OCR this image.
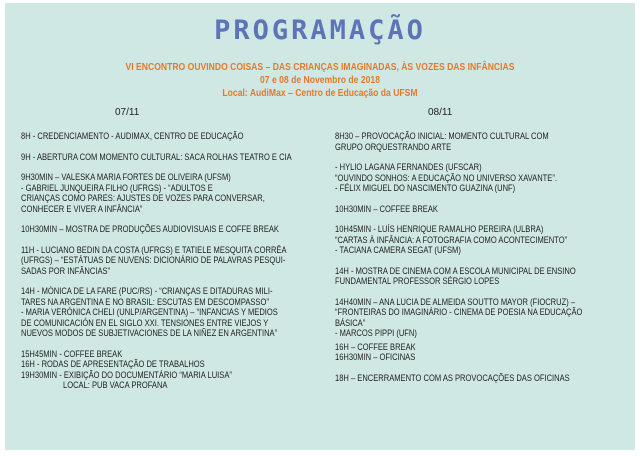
PROGRAMAÇÃO
VI ENCONTRO OUVINDO COISAS – DAS CRIANÇAS IMAGINADAS, ÀS VOZES DAS INFÂNCIAS
07 e 08 de Novembro de 2018
Local: AudiMax – Centro de Educação da UFSM
07/11	08/11
8H - CREDENCIAMENTO - AUDIMAX, CENTRO DE EDUCAÇÃO
9H - ABERTURA COM MOMENTO CULTURAL: SACA ROLHAS TEATRO E CIA
9H30MIN – VALESKA MARIA FORTES DE OLIVEIRA (UFSM)
- GABRIEL JUNQUEIRA FILHO (UFRGS) - “ADULTOS E
CRIANÇAS COMO PARES: AJUSTES DE VOZES PARA CONVERSAR,
CONHECER E VIVER A INFÂNCIA”
10H30MIN – MOSTRA DE PRODUÇÕES AUDIOVISUAIS E COFFE BREAK
11H - LUCIANO BEDIN DA COSTA (UFRGS) E TATIELE MESQUITA CORRÊA
(UFRGS) – “ESTÁTUAS DE NUVENS: DICIONÁRIO DE PALAVRAS PESQUI-
SADAS POR INFÂNCIAS”
14H - MÓNICA DE LA FARE (PUC/RS) - “CRIANÇAS E DITADURAS MILI-
TARES NA ARGENTINA E NO BRASIL: ESCUTAS EM DESCOMPASSO”
- MARIA VERÓNICA CHELI (UNLP/ARGENTINA) – “INFANCIAS Y MEDIOS
DE COMUNICACIÓN EN EL SIGLO XXI. TENSIONES ENTRE VIEJOS Y
NUEVOS MODOS DE SUBJETIVACIONES DE LA NIÑEZ EN ARGENTINA”
15H45MIN - COFFEE BREAK
16H - RODAS DE APRESENTAÇÃO DE TRABALHOS
19H30MIN - EXIBIÇÃO DO DOCUMENTÁRIO “MARIA LUISA”
LOCAL: PUB VACA PROFANA
8H30 – PROVOCAÇÃO INICIAL: MOMENTO CULTURAL COM
GRUPO ORQUESTRANDO ARTE
- HYLIO LAGANA FERNANDES (UFSCAR)
“OUVINDO SONHOS: A EDUCAÇÃO NO UNIVERSO XAVANTE”.
- FÉLIX MIGUEL DO NASCIMENTO GUAZINA (UNF)
10H30MIN – COFFEE BREAK
10H45MIN - LUÍS HENRIQUE RAMALHO PEREIRA (ULBRA)
“CARTAS À INFÂNCIA: A FOTOGRAFIA COMO ACONTECIMENTO”
- TACIANA CAMERA SEGAT (UFSM)
14H - MOSTRA DE CINEMA COM A ESCOLA MUNICIPAL DE ENSINO
FUNDAMENTAL PROFESSOR SÉRGIO LOPES
14H40MIN – ANA LUCIA DE ALMEIDA SOUTTO MAYOR (FIOCRUZ) –
“FRONTEIRAS DO IMAGINÁRIO - CINEMA DE POESIA NA EDUCAÇÃO
BÁSICA”
- MARCOS PIPPI (UFN)
16H – COFFEE BREAK
16H30MIN – OFICINAS
18H – ENCERRAMENTO COM AS PROVOCAÇÕES DAS OFICINAS
